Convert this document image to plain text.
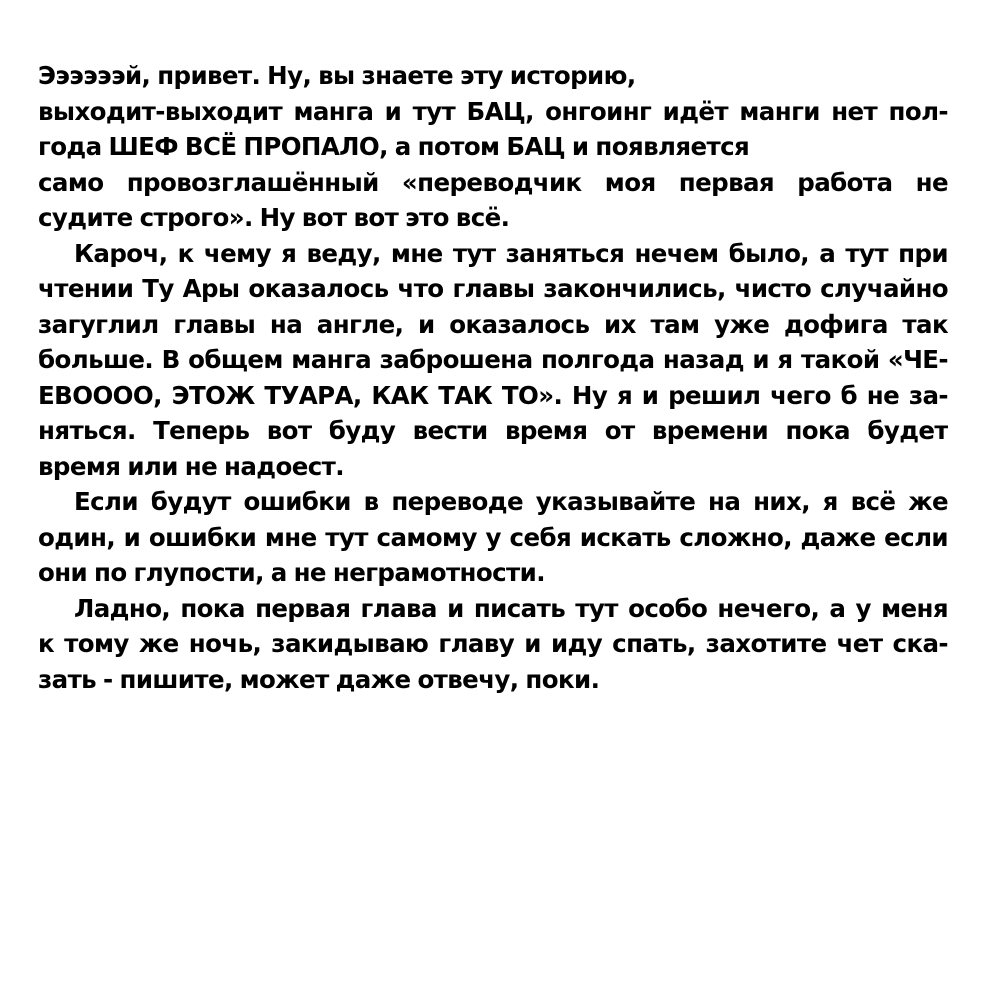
Ээээээй, привет. Ну, вы знаете эту историю,
выходит-выходит манга и тут БАЦ, онгоинг идёт манги нет пол-
года ШЕФ ВСЁ ПРОПАЛО, а потом БАЦ и появляется
само провозглашённый «переводчик моя первая работа не
судите строго». Ну вот вот это всё.
Кароч, к чему я веду, мне тут заняться нечем было, а тут при
чтении Ту Ары оказалось что главы закончились, чисто случайно
загуглил главы на англе, и оказалось их там уже дофига так
больше. В общем манга заброшена полгода назад и я такой «ЧЕ-
ЕВОООО, ЭТОЖ ТУАРА, КАК ТАК ТО». Ну я и решил чего б не за-
няться. Теперь вот буду вести время от времени пока будет
время или не надоест.
Если будут ошибки в переводе указывайте на них, я всё же
один, и ошибки мне тут самому у себя искать сложно, даже если
они по глупости, а не неграмотности.
Ладно, пока первая глава и писать тут особо нечего, а у меня
к тому же ночь, закидываю главу и иду спать, захотите чет ска-
зать - пишите, может даже отвечу, поки.
